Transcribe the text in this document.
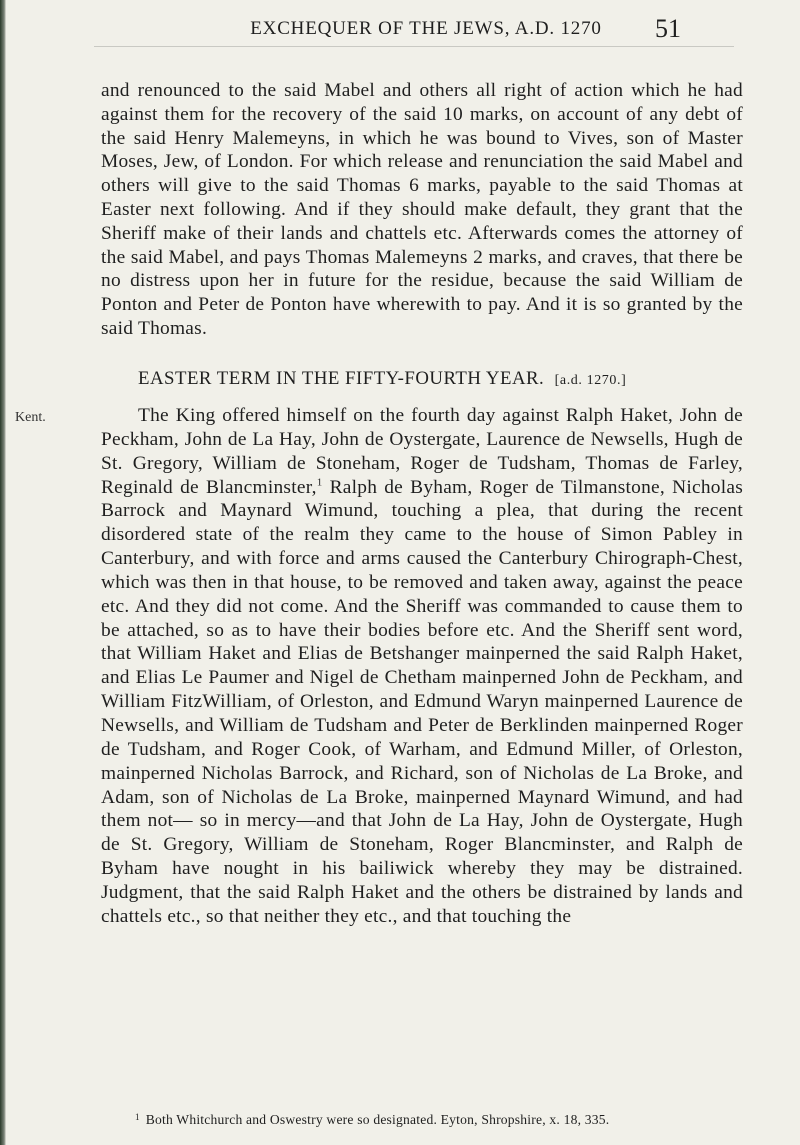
EXCHEQUER OF THE JEWS, A.D. 1270	51

and renounced to the said Mabel and others all right of action which he had against them for the recovery of the said 10 marks, on account of any debt of the said Henry Malemeyns, in which he was bound to Vives, son of Master Moses, Jew, of London. For which release and renunciation the said Mabel and others will give to the said Thomas 6 marks, payable to the said Thomas at Easter next following. And if they should make default, they grant that the Sheriff make of their lands and chattels etc. Afterwards comes the attorney of the said Mabel, and pays Thomas Malemeyns 2 marks, and craves, that there be no distress upon her in future for the residue, because the said William de Ponton and Peter de Ponton have wherewith to pay. And it is so granted by the said Thomas.

EASTER TERM IN THE FIFTY-FOURTH YEAR. [a.d. 1270.]
Kent.	The King offered himself on the fourth day against Ralph Haket, John de Peckham, John de La Hay, John de Oystergate, Laurence de Newsells, Hugh de St. Gregory, William de Stoneham, Roger de Tudsham, Thomas de Farley, Reginald de Blancminster,$^1$ Ralph de Byham, Roger de Tilmanstone, Nicholas Barrock and Maynard Wimund, touching a plea, that during the recent disordered state of the realm they came to the house of Simon Pabley in Canterbury, and with force and arms caused the Canterbury Chirograph-Chest, which was then in that house, to be removed and taken away, against the peace etc. And they did not come. And the Sheriff was commanded to cause them to be attached, so as to have their bodies before etc. And the Sheriff sent word, that William Haket and Elias de Betshanger mainperned the said Ralph Haket, and Elias Le Paumer and Nigel de Chetham mainperned John de Peckham, and William FitzWilliam, of Orleston, and Edmund Waryn mainperned Laurence de Newsells, and William de Tudsham and Peter de Berklinden mainperned Roger de Tudsham, and Roger Cook, of Warham, and Edmund Miller, of Orleston, mainperned Nicholas Barrock, and Richard, son of Nicholas de La Broke, and Adam, son of Nicholas de La Broke, mainperned Maynard Wimund, and had them not— so in mercy—and that John de La Hay, John de Oystergate, Hugh de St. Gregory, William de Stoneham, Roger Blancminster, and Ralph de Byham have nought in his bailiwick whereby they may be distrained. Judgment, that the said Ralph Haket and the others be distrained by lands and chattels etc., so that neither they etc., and that touching the

$^1$ Both Whitchurch and Oswestry were so designated. Eyton, Shropshire, x. 18, 335.
